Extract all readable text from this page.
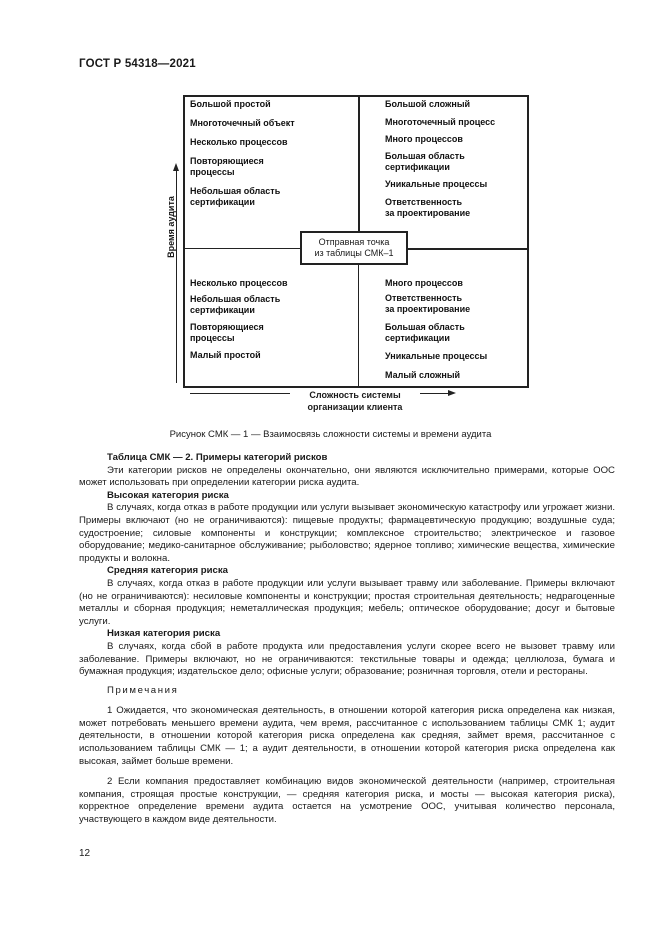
ГОСТ Р 54318—2021
Большой простой
Многоточечный объект
Несколько процессов
Повторяющиеся
процессы
Небольшая область
сертификации
Большой сложный
Многоточечный процесс
Много процессов
Большая область
сертификации
Уникальные процессы
Ответственность
за проектирование
Несколько процессов
Небольшая область
сертификации
Повторяющиеся
процессы
Малый простой
Много процессов
Ответственность
за проектирование
Большая область
сертификации
Уникальные процессы
Малый сложный
Отправная точка
из таблицы СМК–1
Время аудита
Сложность системы
организации клиента
Рисунок СМК — 1 — Взаимосвязь сложности системы и времени аудита

Таблица СМК — 2. Примеры категорий рисков

Эти категории рисков не определены окончательно, они являются исключительно примерами, которые ООС может использовать при определении категории риска аудита.

Высокая категория риска

В случаях, когда отказ в работе продукции или услуги вызывает экономическую катастрофу или угрожает жизни. Примеры включают (но не ограничиваются): пищевые продукты; фармацевтическую продукцию; воздушные суда; судостроение; силовые компоненты и конструкции; комплексное строительство; электрическое и газовое оборудование; медико-санитарное обслуживание; рыболовство; ядерное топливо; химические вещества, химические продукты и волокна.

Средняя категория риска

В случаях, когда отказ в работе продукции или услуги вызывает травму или заболевание. Примеры включают (но не ограничиваются): несиловые компоненты и конструкции; простая строительная деятельность; недрагоценные металлы и сборная продукция; неметаллическая продукция; мебель; оптическое оборудование; досуг и бытовые услуги.

Низкая категория риска

В случаях, когда сбой в работе продукта или предоставления услуги скорее всего не вызовет травму или заболевание. Примеры включают, но не ограничиваются: текстильные товары и одежда; целлюлоза, бумага и бумажная продукция; издательское дело; офисные услуги; образование; розничная торговля, отели и рестораны.

Примечания

1 Ожидается, что экономическая деятельность, в отношении которой категория риска определена как низкая, может потребовать меньшего времени аудита, чем время, рассчитанное с использованием таблицы СМК 1; аудит деятельности, в отношении которой категория риска определена как средняя, займет время, рассчитанное с использованием таблицы СМК — 1; а аудит деятельности, в отношении которой категория риска определена как высокая, займет больше времени.

2 Если компания предоставляет комбинацию видов экономической деятельности (например, строительная компания, строящая простые конструкции, — средняя категория риска, и мосты — высокая категория риска), корректное определение времени аудита остается на усмотрение ООС, учитывая количество персонала, участвующего в каждом виде деятельности.

12
